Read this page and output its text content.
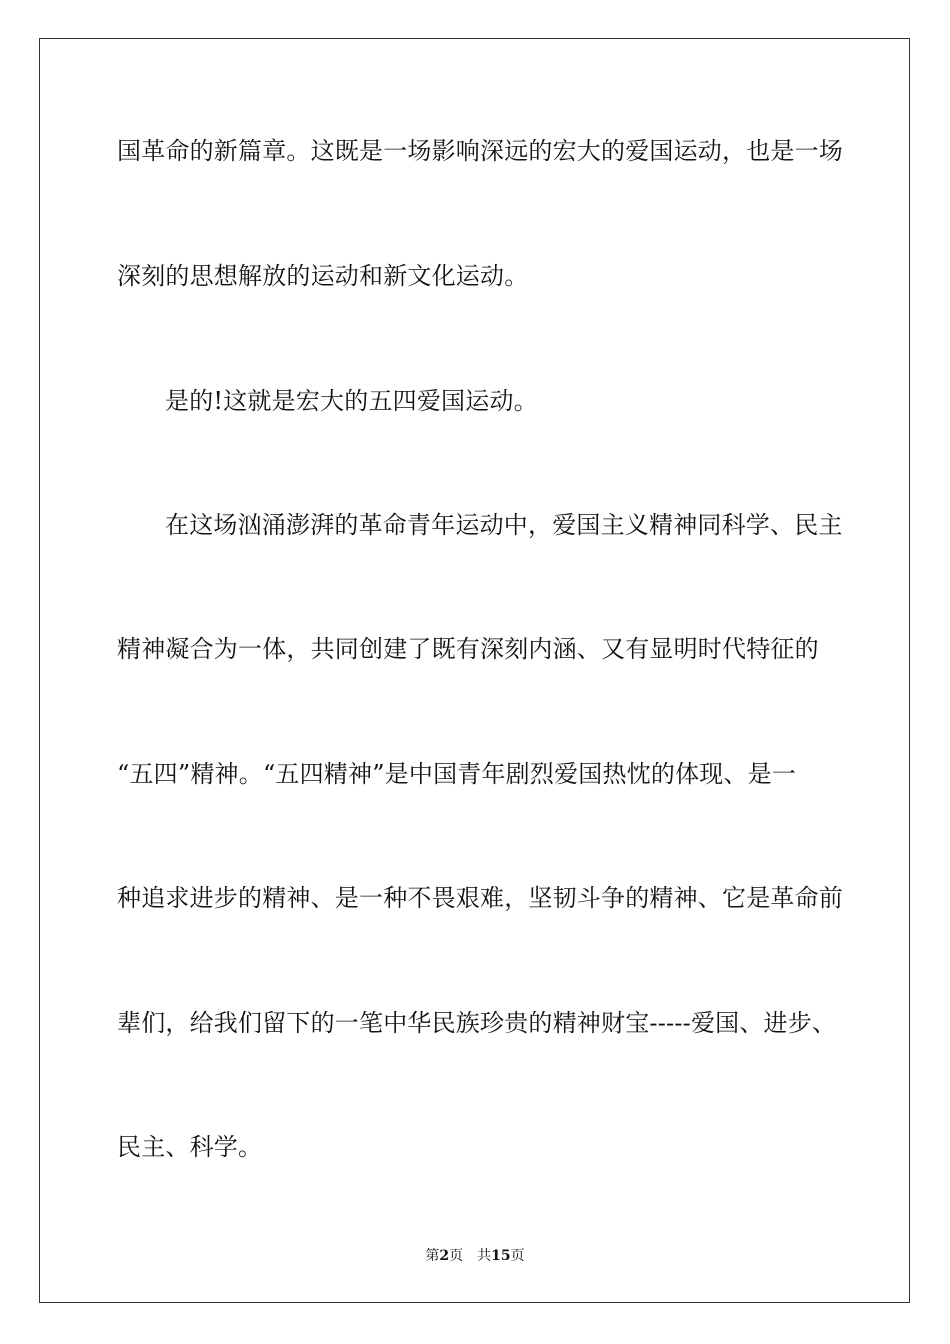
国革命的新篇章。这既是一场影响深远的宏大的爱国运动，也是一场
深刻的思想解放的运动和新文化运动。
是的!这就是宏大的五四爱国运动。
在这场汹涌澎湃的革命青年运动中，爱国主义精神同科学、民主
精神凝合为一体，共同创建了既有深刻内涵、又有显明时代特征的
“五四”精神。“五四精神”是中国青年剧烈爱国热忱的体现、是一
种追求进步的精神、是一种不畏艰难，坚韧斗争的精神、它是革命前
辈们，给我们留下的一笔中华民族珍贵的精神财宝-----爱国、进步、
民主、科学。
第2页 共15页
